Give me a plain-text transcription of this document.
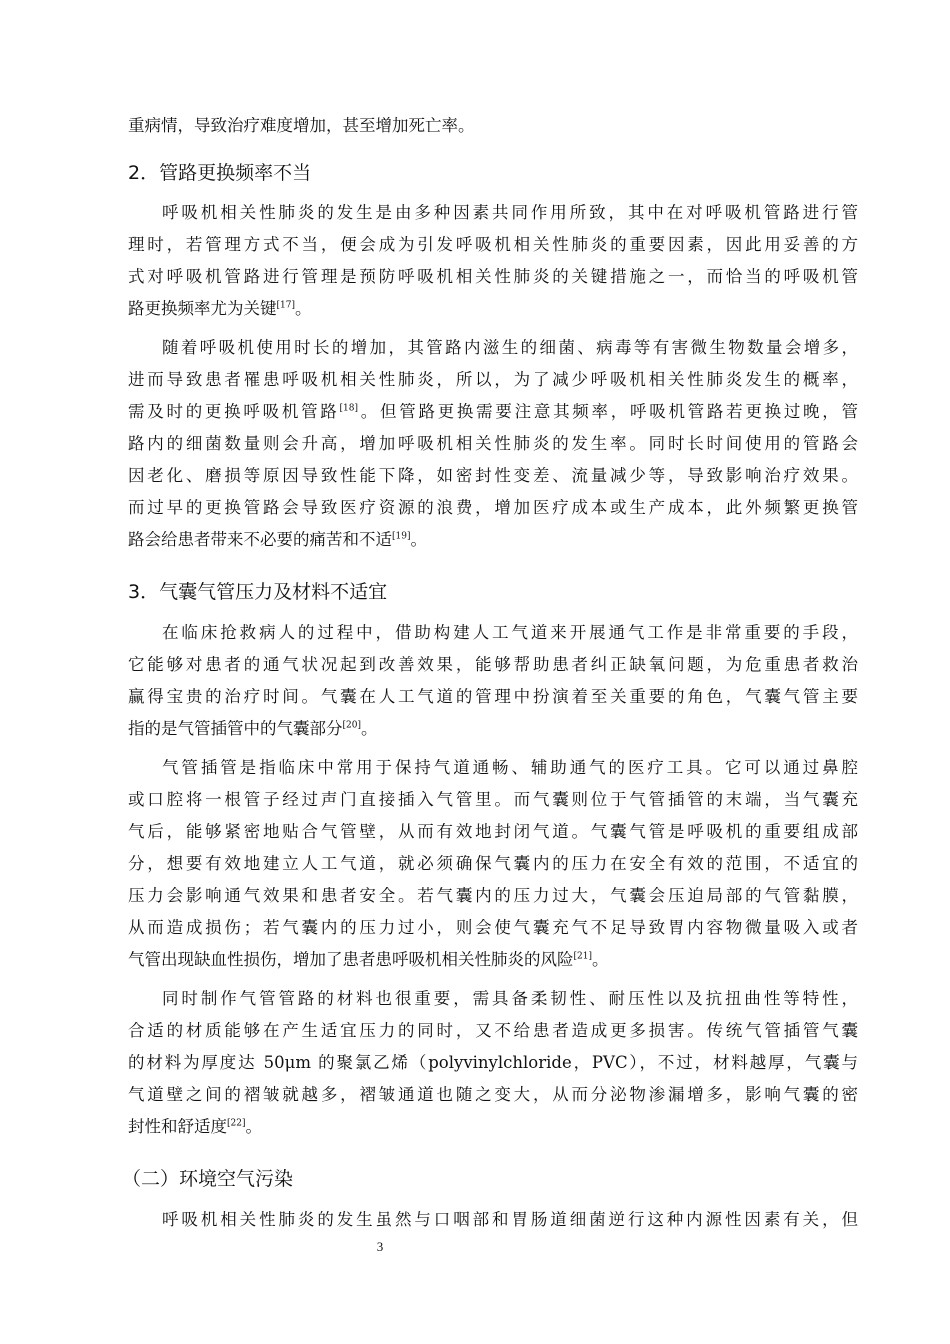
3
重病情，导致治疗难度增加，甚至增加死亡率。
2．管路更换频率不当
呼吸机相关性肺炎的发生是由多种因素共同作用所致，其中在对呼吸机管路进行管
理时，若管理方式不当，便会成为引发呼吸机相关性肺炎的重要因素，因此用妥善的方
式对呼吸机管路进行管理是预防呼吸机相关性肺炎的关键措施之一，而恰当的呼吸机管
路更换频率尤为关键[17]。
随着呼吸机使用时长的增加，其管路内滋生的细菌、病毒等有害微生物数量会增多，
进而导致患者罹患呼吸机相关性肺炎，所以，为了减少呼吸机相关性肺炎发生的概率，
需及时的更换呼吸机管路[18]。但管路更换需要注意其频率，呼吸机管路若更换过晚，管
路内的细菌数量则会升高，增加呼吸机相关性肺炎的发生率。同时长时间使用的管路会
因老化、磨损等原因导致性能下降，如密封性变差、流量减少等，导致影响治疗效果。
而过早的更换管路会导致医疗资源的浪费，增加医疗成本或生产成本，此外频繁更换管
路会给患者带来不必要的痛苦和不适[19]。
3．气囊气管压力及材料不适宜
在临床抢救病人的过程中，借助构建人工气道来开展通气工作是非常重要的手段，
它能够对患者的通气状况起到改善效果，能够帮助患者纠正缺氧问题，为危重患者救治
赢得宝贵的治疗时间。气囊在人工气道的管理中扮演着至关重要的角色，气囊气管主要
指的是气管插管中的气囊部分[20]。
气管插管是指临床中常用于保持气道通畅、辅助通气的医疗工具。它可以通过鼻腔
或口腔将一根管子经过声门直接插入气管里。而气囊则位于气管插管的末端，当气囊充
气后，能够紧密地贴合气管壁，从而有效地封闭气道。气囊气管是呼吸机的重要组成部
分，想要有效地建立人工气道，就必须确保气囊内的压力在安全有效的范围，不适宜的
压力会影响通气效果和患者安全。若气囊内的压力过大，气囊会压迫局部的气管黏膜，
从而造成损伤；若气囊内的压力过小，则会使气囊充气不足导致胃内容物微量吸入或者
气管出现缺血性损伤，增加了患者患呼吸机相关性肺炎的风险[21]。
同时制作气管管路的材料也很重要，需具备柔韧性、耐压性以及抗扭曲性等特性，
合适的材质能够在产生适宜压力的同时，又不给患者造成更多损害。传统气管插管气囊
的材料为厚度达 50μm 的聚氯乙烯（polyvinylchloride，PVC），不过，材料越厚，气囊与
气道壁之间的褶皱就越多，褶皱通道也随之变大，从而分泌物渗漏增多，影响气囊的密
封性和舒适度[22]。
（二）环境空气污染
呼吸机相关性肺炎的发生虽然与口咽部和胃肠道细菌逆行这种内源性因素有关，但
